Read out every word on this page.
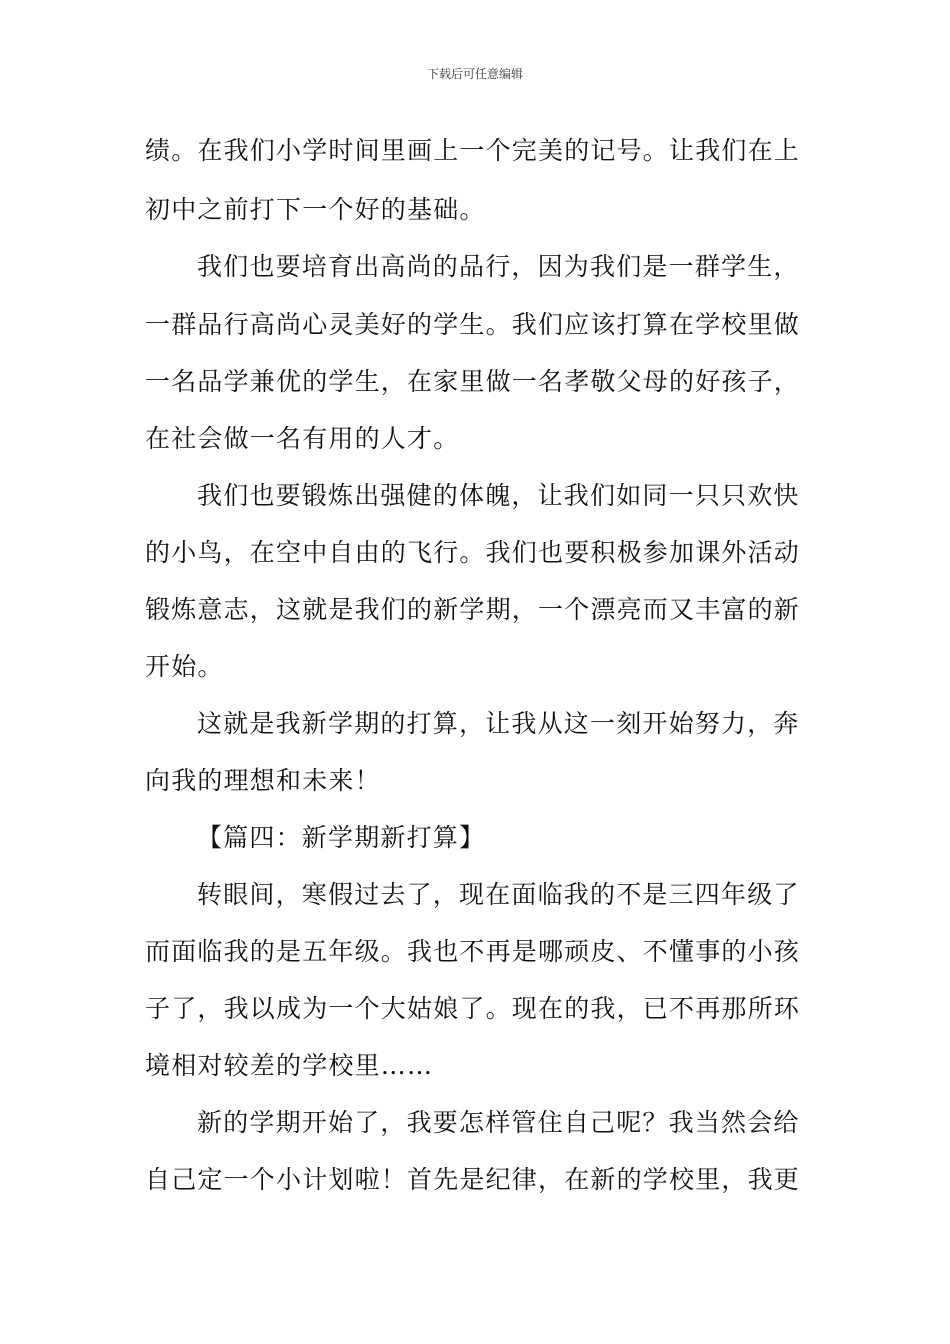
下载后可任意编辑
绩。在我们小学时间里画上一个完美的记号。让我们在上
初中之前打下一个好的基础。
我们也要培育出高尚的品行，因为我们是一群学生，
一群品行高尚心灵美好的学生。我们应该打算在学校里做
一名品学兼优的学生，在家里做一名孝敬父母的好孩子，
在社会做一名有用的人才。
我们也要锻炼出强健的体魄，让我们如同一只只欢快
的小鸟，在空中自由的飞行。我们也要积极参加课外活动
锻炼意志，这就是我们的新学期，一个漂亮而又丰富的新
开始。
这就是我新学期的打算，让我从这一刻开始努力，奔
向我的理想和未来！
【篇四：新学期新打算】
转眼间，寒假过去了，现在面临我的不是三四年级了
而面临我的是五年级。我也不再是哪顽皮、不懂事的小孩
子了，我以成为一个大姑娘了。现在的我，已不再那所环
境相对较差的学校里……
新的学期开始了，我要怎样管住自己呢？我当然会给
自己定一个小计划啦！首先是纪律，在新的学校里，我更
